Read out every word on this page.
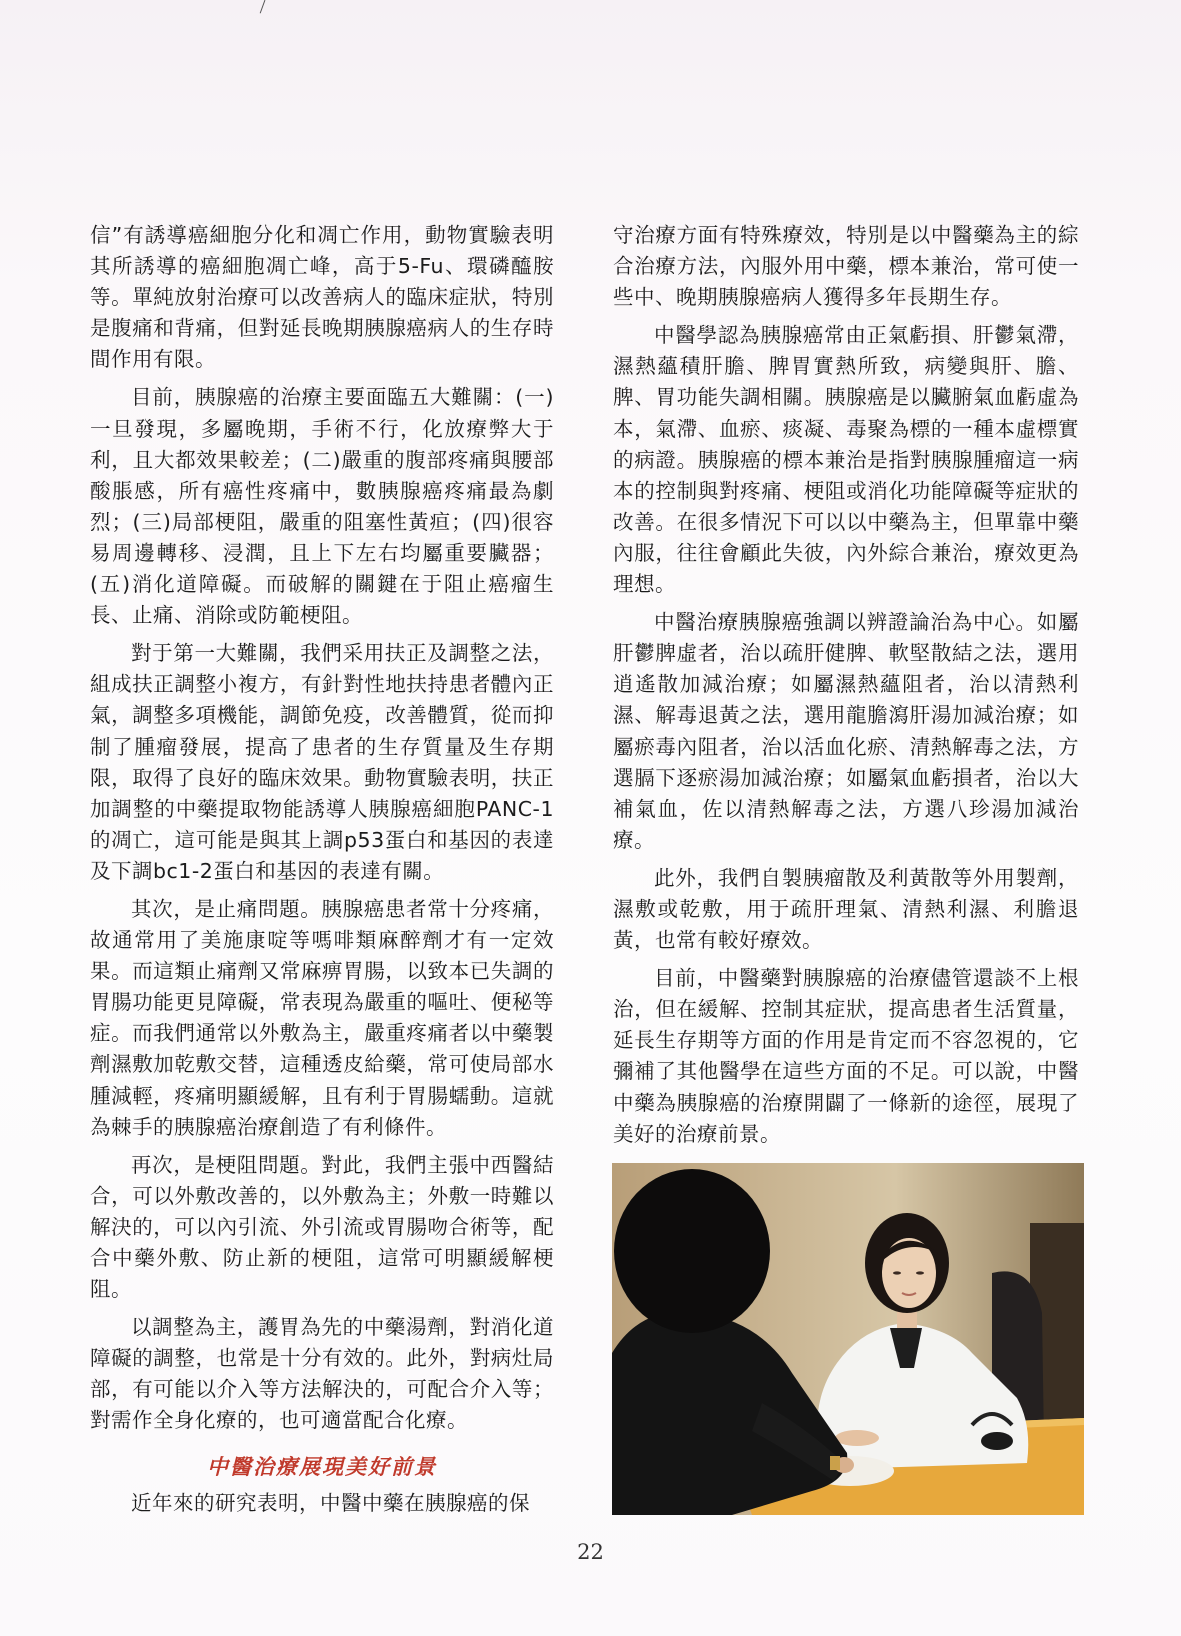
信”有誘導癌細胞分化和凋亡作用，動物實驗表明其所誘導的癌細胞凋亡峰，高于5-Fu、環磷醯胺等。單純放射治療可以改善病人的臨床症狀，特別是腹痛和背痛，但對延長晚期胰腺癌病人的生存時間作用有限。

目前，胰腺癌的治療主要面臨五大難關：(一)一旦發現，多屬晚期，手術不行，化放療弊大于利，且大都效果較差；(二)嚴重的腹部疼痛與腰部酸脹感，所有癌性疼痛中，數胰腺癌疼痛最為劇烈；(三)局部梗阻，嚴重的阻塞性黃疸；(四)很容易周邊轉移、浸潤，且上下左右均屬重要臟器；(五)消化道障礙。而破解的關鍵在于阻止癌瘤生長、止痛、消除或防範梗阻。

對于第一大難關，我們采用扶正及調整之法，組成扶正調整小複方，有針對性地扶持患者體內正氣，調整多項機能，調節免疫，改善體質，從而抑制了腫瘤發展，提高了患者的生存質量及生存期限，取得了良好的臨床效果。動物實驗表明，扶正加調整的中藥提取物能誘導人胰腺癌細胞PANC-1的凋亡，這可能是與其上調p53蛋白和基因的表達及下調bc1-2蛋白和基因的表達有關。

其次，是止痛問題。胰腺癌患者常十分疼痛，故通常用了美施康啶等嗎啡類麻醉劑才有一定效果。而這類止痛劑又常麻痹胃腸，以致本已失調的胃腸功能更見障礙，常表現為嚴重的嘔吐、便秘等症。而我們通常以外敷為主，嚴重疼痛者以中藥製劑濕敷加乾敷交替，這種透皮給藥，常可使局部水腫減輕，疼痛明顯緩解，且有利于胃腸蠕動。這就為棘手的胰腺癌治療創造了有利條件。

再次，是梗阻問題。對此，我們主張中西醫結合，可以外敷改善的，以外敷為主；外敷一時難以解決的，可以內引流、外引流或胃腸吻合術等，配合中藥外敷、防止新的梗阻，這常可明顯緩解梗阻。

以調整為主，護胃為先的中藥湯劑，對消化道障礙的調整，也常是十分有效的。此外，對病灶局部，有可能以介入等方法解決的，可配合介入等；對需作全身化療的，也可適當配合化療。

中醫治療展現美好前景

近年來的研究表明，中醫中藥在胰腺癌的保

守治療方面有特殊療效，特別是以中醫藥為主的綜合治療方法，內服外用中藥，標本兼治，常可使一些中、晚期胰腺癌病人獲得多年長期生存。

中醫學認為胰腺癌常由正氣虧損、肝鬱氣滯，濕熱蘊積肝膽、脾胃實熱所致，病變與肝、膽、脾、胃功能失調相關。胰腺癌是以臟腑氣血虧虛為本，氣滯、血瘀、痰凝、毒聚為標的一種本虛標實的病證。胰腺癌的標本兼治是指對胰腺腫瘤這一病本的控制與對疼痛、梗阻或消化功能障礙等症狀的改善。在很多情況下可以以中藥為主，但單靠中藥內服，往往會顧此失彼，內外綜合兼治，療效更為理想。

中醫治療胰腺癌強調以辨證論治為中心。如屬肝鬱脾虛者，治以疏肝健脾、軟堅散結之法，選用逍遙散加減治療；如屬濕熱蘊阻者，治以清熱利濕、解毒退黃之法，選用龍膽瀉肝湯加減治療；如屬瘀毒內阻者，治以活血化瘀、清熱解毒之法，方選膈下逐瘀湯加減治療；如屬氣血虧損者，治以大補氣血，佐以清熱解毒之法，方選八珍湯加減治療。

此外，我們自製胰瘤散及利黃散等外用製劑，濕敷或乾敷，用于疏肝理氣、清熱利濕、利膽退黃，也常有較好療效。

目前，中醫藥對胰腺癌的治療儘管還談不上根治，但在緩解、控制其症狀，提高患者生活質量，延長生存期等方面的作用是肯定而不容忽視的，它彌補了其他醫學在這些方面的不足。可以說，中醫中藥為胰腺癌的治療開闢了一條新的途徑，展現了美好的治療前景。

22
